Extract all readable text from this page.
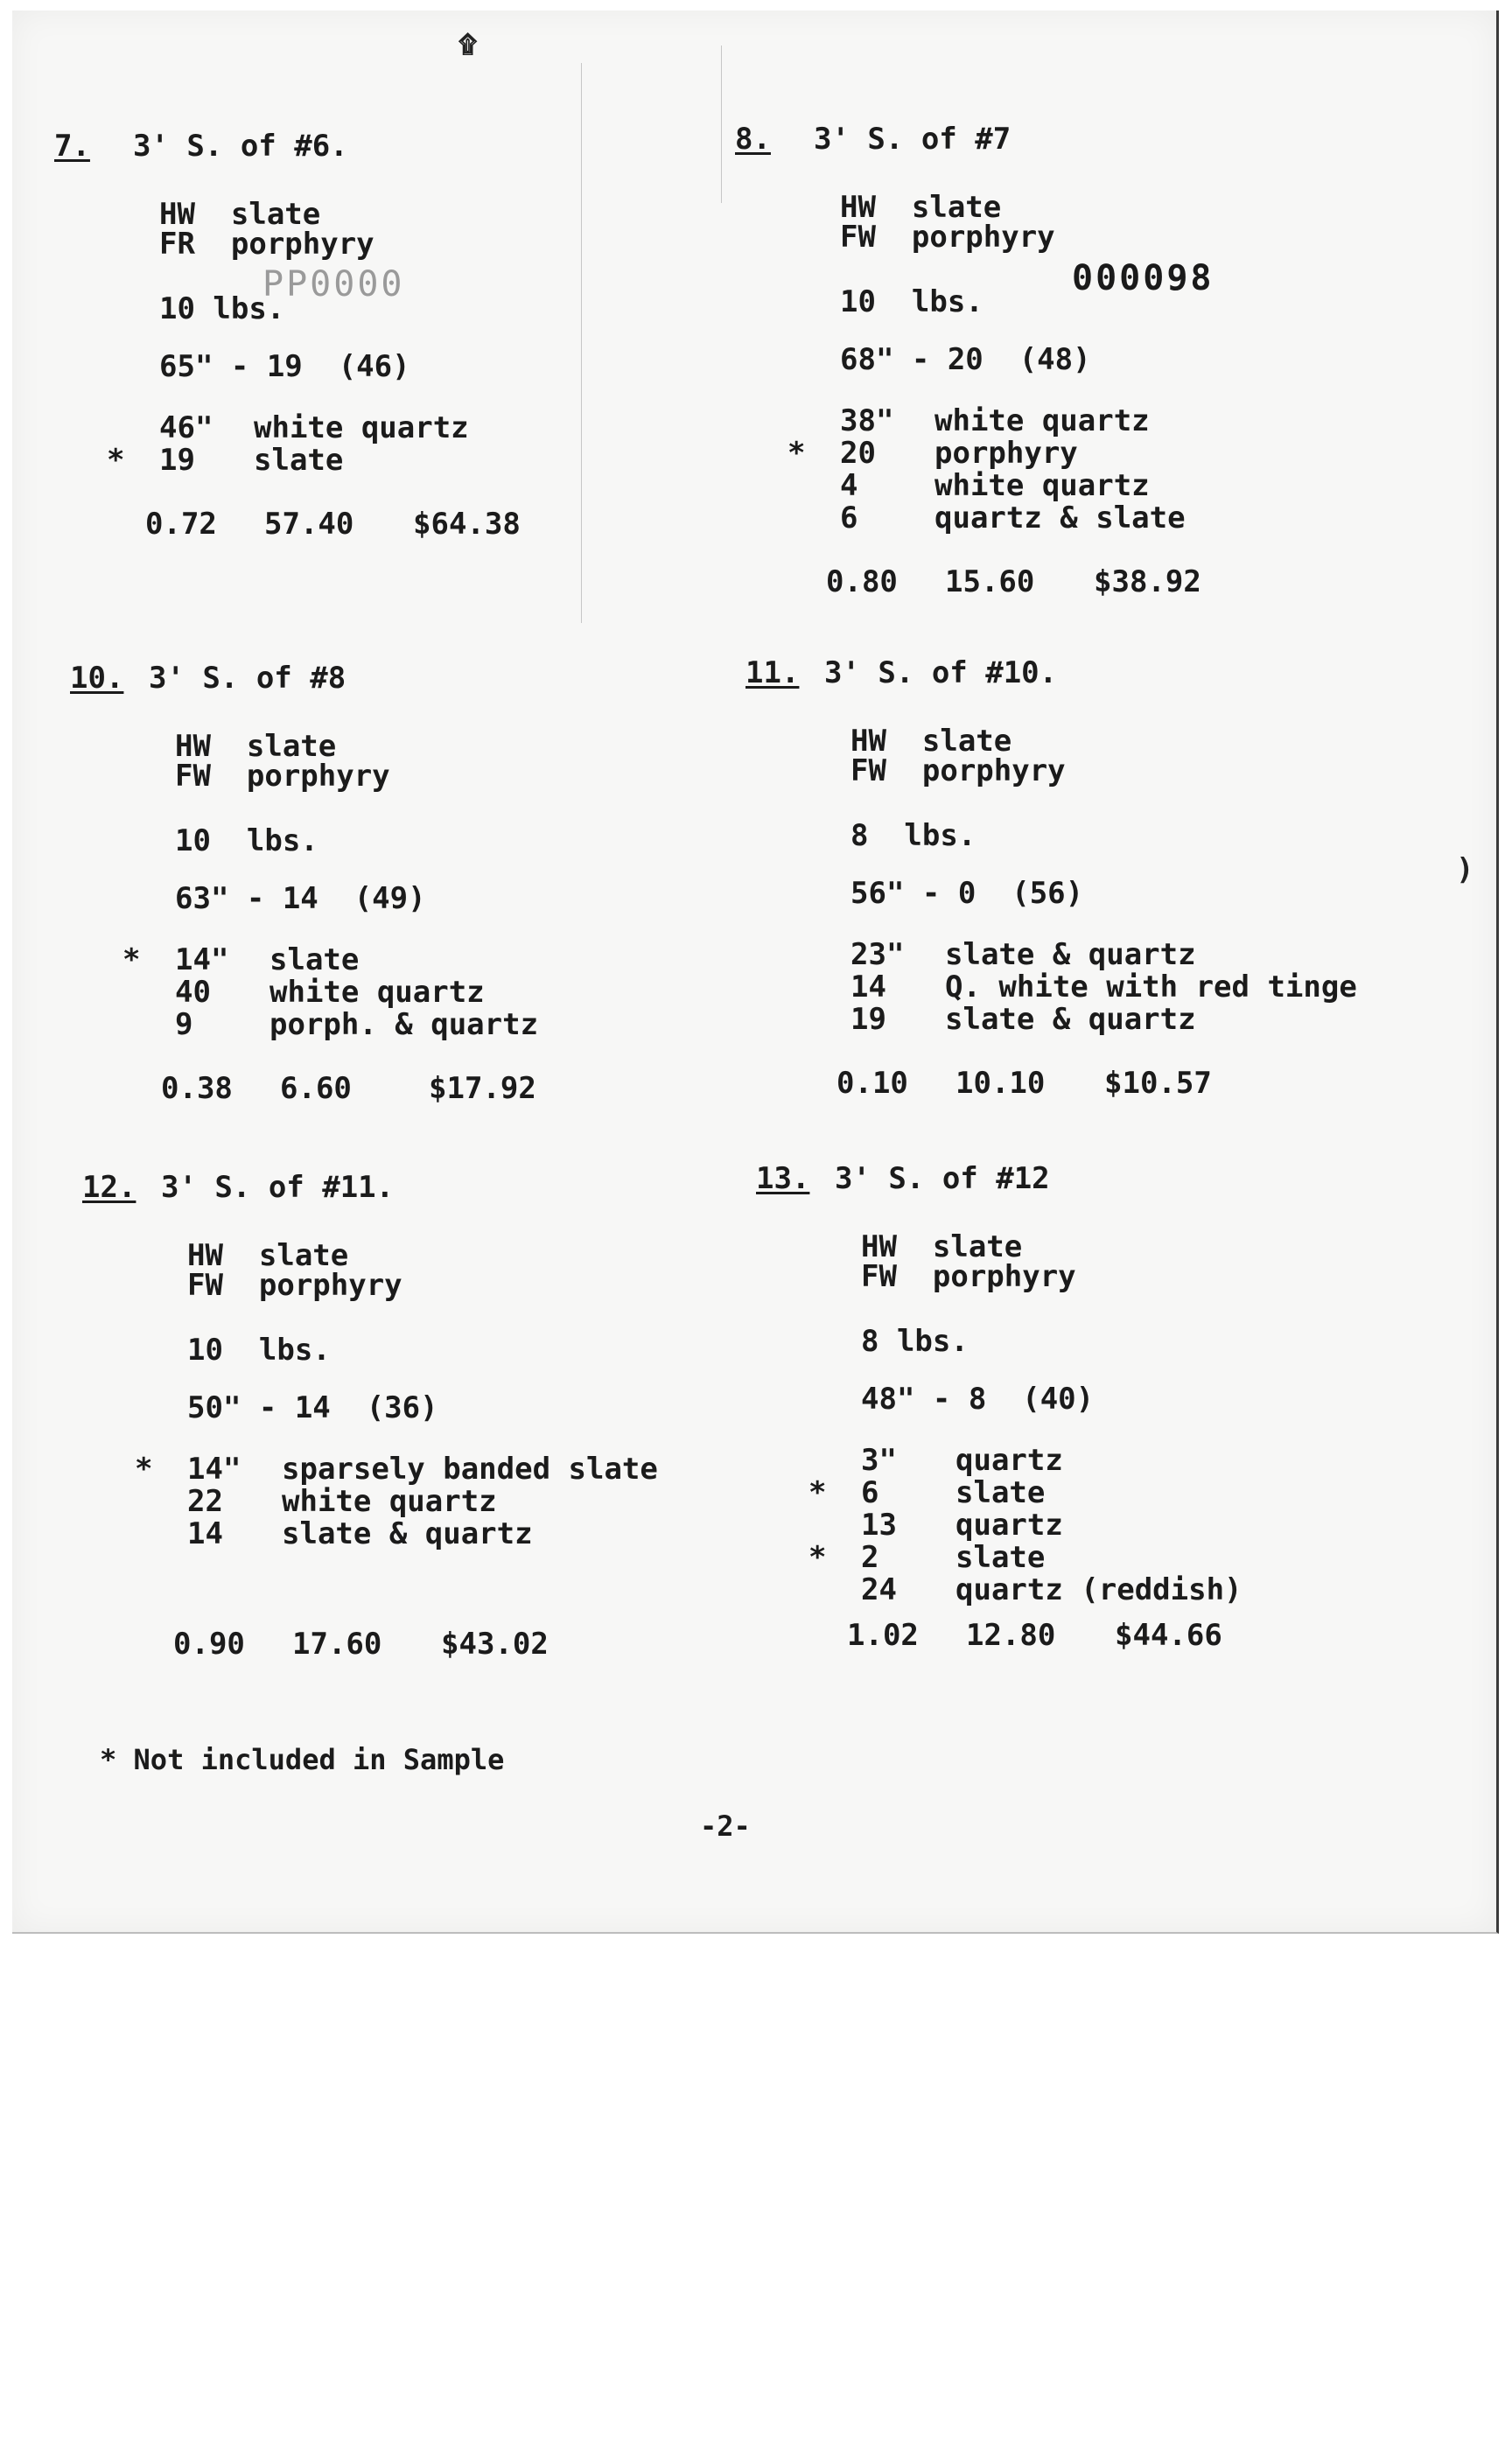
۩
)
* Not included in Sample
-2-
7. 3' S. of #6.
HW  slate
FR  porphyry
PP0000
10 lbs.
65" - 19  (46)
46" white quartz
* 19 slate
0.72 57.40 $64.38
8. 3' S. of #7
HW  slate
FW  porphyry
000098
10  lbs.
68" - 20  (48)
38" white quartz
* 20 porphyry
4	white quartz
6	quartz & slate
0.80 15.60 $38.92
10. 3' S. of #8
HW  slate
FW  porphyry
10  lbs.
63" - 14  (49)
* 14" slate
40 white quartz
9	porph. & quartz
0.38 6.60	$17.92
11. 3' S. of #10.
HW  slate
FW  porphyry
8  lbs.
56" - 0  (56)
23" slate & quartz
14 Q. white with red tinge
19 slate & quartz
0.10 10.10 $10.57
12. 3' S. of #11.
HW  slate
FW  porphyry
10  lbs.
50" - 14  (36)
* 14" sparsely banded slate
22 white quartz
14 slate & quartz
0.90 17.60 $43.02
13. 3' S. of #12
HW  slate
FW  porphyry
8 lbs.
48" - 8  (40)
3" quartz
* 6	slate
13 quartz
* 2	slate
24 quartz (reddish)
1.02 12.80 $44.66
